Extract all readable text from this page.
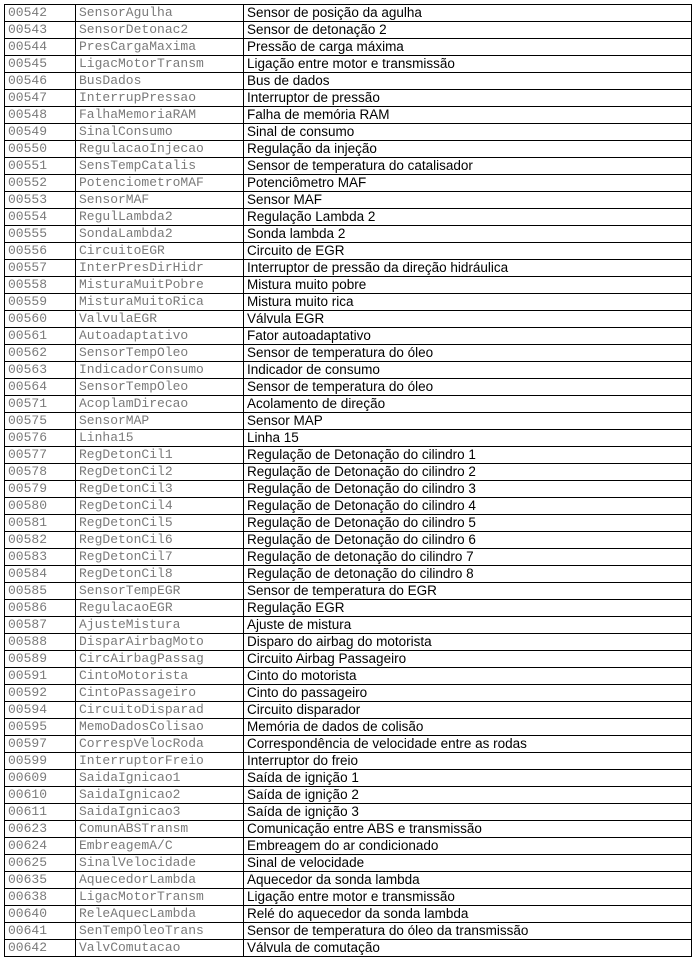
00542	SensorAgulha	Sensor de posição da agulha
00543	SensorDetonac2	Sensor de detonação 2
00544	PresCargaMaxima	Pressão de carga máxima
00545	LigacMotorTransm	Ligação entre motor e transmissão
00546	BusDados	Bus de dados
00547	InterrupPressao	Interruptor de pressão
00548	FalhaMemoriaRAM	Falha de memória RAM
00549	SinalConsumo	Sinal de consumo
00550	RegulacaoInjecao	Regulação da injeção
00551	SensTempCatalis	Sensor de temperatura do catalisador
00552	PotenciometroMAF	Potenciômetro MAF
00553	SensorMAF	Sensor MAF
00554	RegulLambda2	Regulação Lambda 2
00555	SondaLambda2	Sonda lambda 2
00556	CircuitoEGR	Circuito de EGR
00557	InterPresDirHidr	Interruptor de pressão da direção hidráulica
00558	MisturaMuitPobre	Mistura muito pobre
00559	MisturaMuitoRica	Mistura muito rica
00560	ValvulaEGR	Válvula EGR
00561	Autoadaptativo	Fator autoadaptativo
00562	SensorTempOleo	Sensor de temperatura do óleo
00563	IndicadorConsumo	Indicador de consumo
00564	SensorTempOleo	Sensor de temperatura do óleo
00571	AcoplamDirecao	Acolamento de direção
00575	SensorMAP	Sensor MAP
00576	Linha15	Linha 15
00577	RegDetonCil1	Regulação de Detonação do cilindro 1
00578	RegDetonCil2	Regulação de Detonação do cilindro 2
00579	RegDetonCil3	Regulação de Detonação do cilindro 3
00580	RegDetonCil4	Regulação de Detonação do cilindro 4
00581	RegDetonCil5	Regulação de Detonação do cilindro 5
00582	RegDetonCil6	Regulação de Detonação do cilindro 6
00583	RegDetonCil7	Regulação de detonação do cilindro 7
00584	RegDetonCil8	Regulação de detonação do cilindro 8
00585	SensorTempEGR	Sensor de temperatura do EGR
00586	RegulacaoEGR	Regulação EGR
00587	AjusteMistura	Ajuste de mistura
00588	DisparAirbagMoto	Disparo do airbag do motorista
00589	CircAirbagPassag	Circuito Airbag Passageiro
00591	CintoMotorista	Cinto do motorista
00592	CintoPassageiro	Cinto do passageiro
00594	CircuitoDisparad	Circuito disparador
00595	MemoDadosColisao	Memória de dados de colisão
00597	CorrespVelocRoda	Correspondência de velocidade entre as rodas
00599	InterruptorFreio	Interruptor do freio
00609	SaidaIgnicao1	Saída de ignição 1
00610	SaidaIgnicao2	Saída de ignição 2
00611	SaidaIgnicao3	Saída de ignição 3
00623	ComunABSTransm	Comunicação entre ABS e transmissão
00624	EmbreagemA/C	Embreagem do ar condicionado
00625	SinalVelocidade	Sinal de velocidade
00635	AquecedorLambda	Aquecedor da sonda lambda
00638	LigacMotorTransm	Ligação entre motor e transmissão
00640	ReleAquecLambda	Relé do aquecedor da sonda lambda
00641	SenTempOleoTrans	Sensor de temperatura do óleo da transmissão
00642	ValvComutacao	Válvula de comutação
